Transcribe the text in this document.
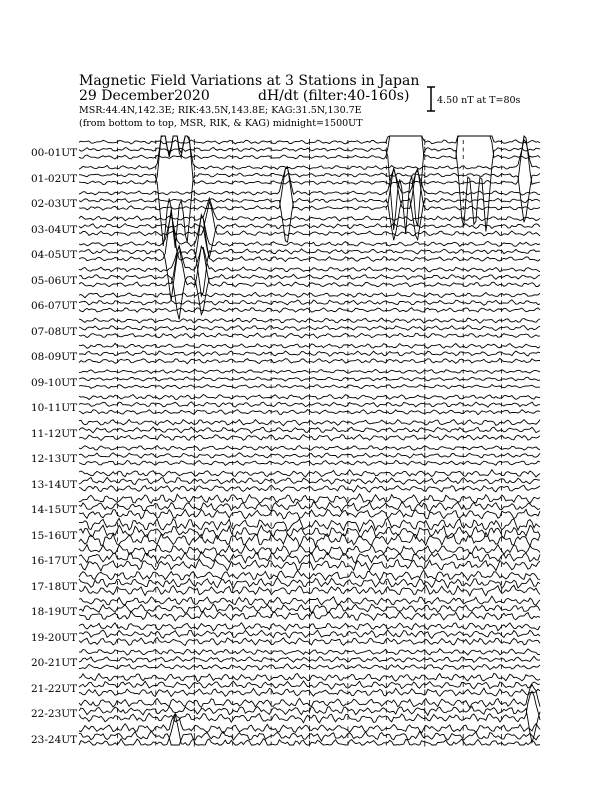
Magnetic Field Variations at 3 Stations in Japan
29 December2020	dH/dt (filter:40-160s)
MSR:44.4N,142.3E; RIK:43.5N,143.8E; KAG:31.5N,130.7E
(from bottom to top, MSR, RIK, & KAG) midnight=1500UT
4.50 nT at T=80s
00-01UT
01-02UT
02-03UT
03-04UT
04-05UT
05-06UT
06-07UT
07-08UT
08-09UT
09-10UT
10-11UT
11-12UT
12-13UT
13-14UT
14-15UT
15-16UT
16-17UT
17-18UT
18-19UT
19-20UT
20-21UT
21-22UT
22-23UT
23-24UT
